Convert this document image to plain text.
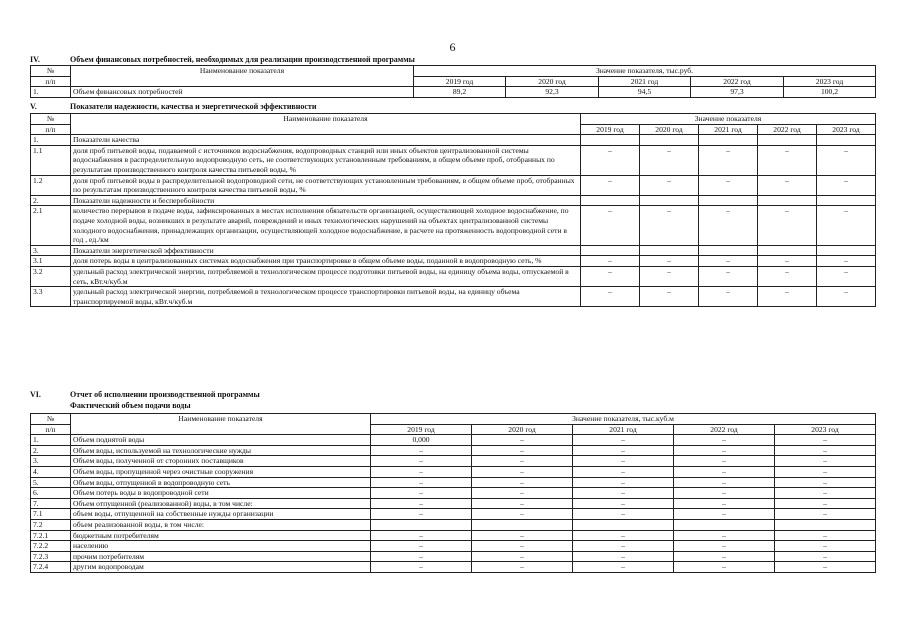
6
IV.	Объем финансовых потребностей, необходимых для реализации производственной программы
№	Наименование показателя	Значение показателя, тыс.руб.				
п/п		2019 год	2020 год	2021 год	2022 год	2023 год
1.	Объем финансовых потребностей	89,2	92,3	94,5	97,3	100,2
V.	Показатели надежности, качества и энергетической эффективности
№	Наименование показателя	Значение показателя				
п/п		2019 год	2020 год	2021 год	2022 год	2023 год
1.	Показатели качества					
1.1	доля проб питьевой воды, подаваемой с источников водоснабжения, водопроводных станций или иных объектов централизованной системы водоснабжения в распределительную водопроводную сеть, не соответствующих установленным требованиям, в общем объеме проб, отобранных по результатам производственного контроля качества питьевой воды, %	–	–	–	–	–
1.2	доля проб питьевой воды в распределительной водопроводной сети, не соответствующих установленным требованиям, в общем объеме проб, отобранных по результатам производственного контроля качества питьевой воды, %	–	–	–	–	–
2.	Показатели надежности и бесперебойности					
2.1	количество перерывов в подаче воды, зафиксированных в местах исполнения обязательств организацией, осуществляющей холодное водоснабжение, по подаче холодной воды, возникших в результате аварий, повреждений и иных технологических нарушений на объектах централизованной системы холодного водоснабжения, принадлежащих организации, осуществляющей холодное водоснабжение, в расчете на протяженность водопроводной сети в год , ед./км	–	–	–	–	–
3.	Показатели энергетической эффективности					
3.1	доля потерь воды в централизованных системах водоснабжения при транспортировке в общем объеме воды, поданной в водопроводную сеть, %	–	–	–	–	–
3.2	удельный расход электрической энергии, потребляемой в технологическом процессе подготовки питьевой воды, на единицу объема воды, отпускаемой в сеть, кВт.ч/куб.м	–	–	–	–	–
3.3	удельный расход электрической энергии, потребляемой в технологическом процессе транспортировки питьевой воды, на единицу объема транспортируемой воды, кВт.ч/куб.м	–	–	–	–	–
VI.	Отчет об исполнении производственной программы
Фактический объем подачи воды
№	Наименование показателя	Значение показателя, тыс.куб.м				
п/п		2019 год	2020 год	2021 год	2022 год	2023 год
1.	Объем поднятой воды	0,000	–	–	–	–
2.	Объем воды, используемой на технологические нужды	–	–	–	–	–
3.	Объем воды, полученной от сторонних поставщиков	–	–	–	–	–
4.	Объем воды, пропущенной через очистные сооружения	–	–	–	–	–
5.	Объем воды, отпущенной в водопроводную сеть	–	–	–	–	–
6.	Объем потерь воды в водопроводной сети	–	–	–	–	–
7.	Объем отпущенной (реализованной) воды, в том числе:	–	–	–	–	–
7.1	объем воды, отпущенной на собственные нужды организации	–	–	–	–	–
7.2	объем реализованной воды, в том числе:					
7.2.1	бюджетным потребителям	–	–	–	–	–
7.2.2	населению	–	–	–	–	–
7.2.3	прочим потребителям	–	–	–	–	–
7.2.4	другим водопроводам	–	–	–	–	–
